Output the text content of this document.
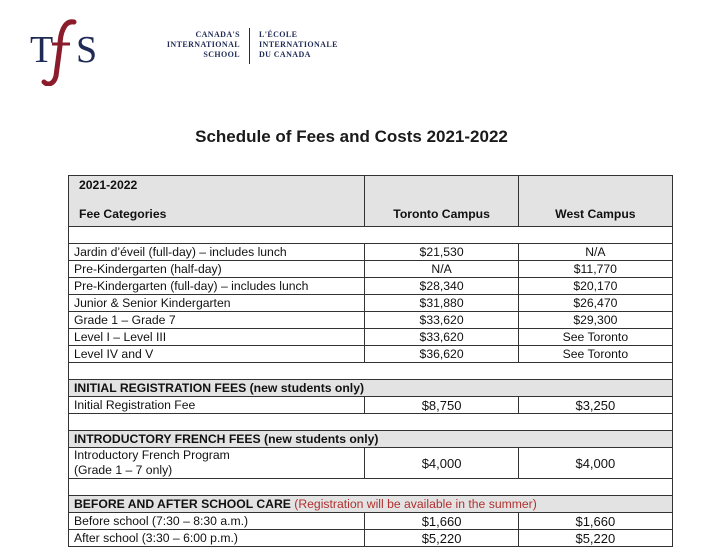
T S	CANADA'S
INTERNATIONAL
SCHOOL
L'ÉCOLE
INTERNATIONALE
DU CANADA
Schedule of Fees and Costs 2021-2022
2021-2022
Fee Categories	Toronto Campus	West Campus

Jardin d’éveil (full-day) – includes lunch	$21,530	N/A
Pre-Kindergarten (half-day)	N/A	$11,770
Pre-Kindergarten (full-day) – includes lunch	$28,340	$20,170
Junior & Senior Kindergarten	$31,880	$26,470
Grade 1 – Grade 7	$33,620	$29,300
Level I – Level III	$33,620	See Toronto
Level IV and V	$36,620	See Toronto

INITIAL REGISTRATION FEES (new students only)		
Initial Registration Fee	$8,750	$3,250

INTRODUCTORY FRENCH FEES (new students only)		

Introductory French Program
(Grade 1 – 7 only)	$4,000	$4,000

BEFORE AND AFTER SCHOOL CARE (Registration will be available in the summer)		
Before school (7:30 – 8:30 a.m.)	$1,660	$1,660
After school (3:30 – 6:00 p.m.)	$5,220	$5,220
